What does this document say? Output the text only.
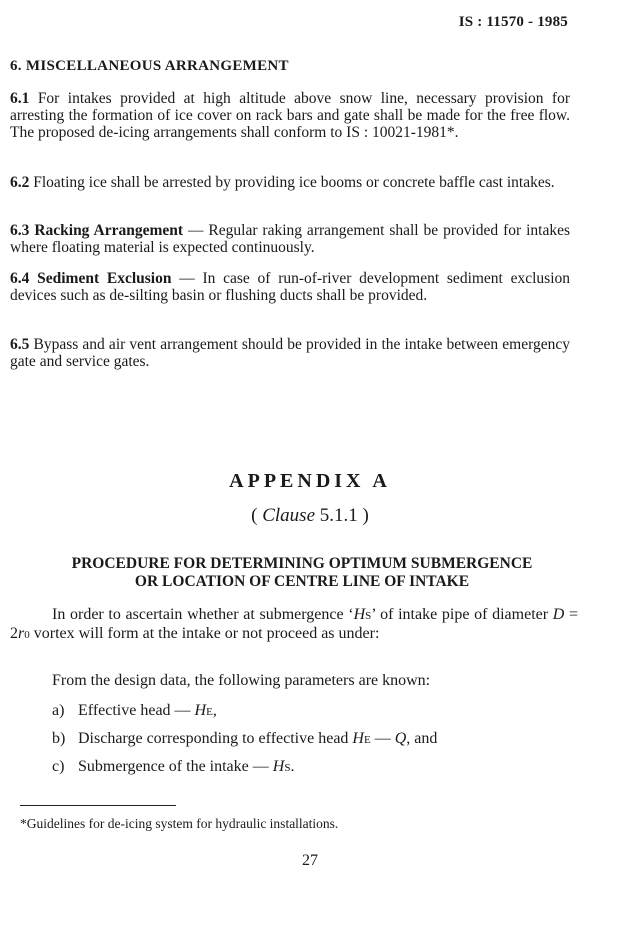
IS : 11570 - 1985
6. MISCELLANEOUS ARRANGEMENT

6.1 For intakes provided at high altitude above snow line, necessary provision for arresting the formation of ice cover on rack bars and gate shall be made for the free flow. The proposed de-icing arrangements shall conform to IS : 10021-1981*.

6.2 Floating ice shall be arrested by providing ice booms or concrete baffle cast intakes.

6.3 Racking Arrangement — Regular raking arrangement shall be provided for intakes where floating material is expected continuously.

6.4 Sediment Exclusion — In case of run-of-river development sediment exclusion devices such as de-silting basin or flushing ducts shall be provided.

6.5 Bypass and air vent arrangement should be provided in the intake between emergency gate and service gates.

APPENDIX A
( Clause 5.1.1 )
PROCEDURE FOR DETERMINING OPTIMUM SUBMERGENCE
OR LOCATION OF CENTRE LINE OF INTAKE

In order to ascertain whether at submergence ‘HS’ of intake pipe of diameter D = 2r0 vortex will form at the intake or not proceed as under:

From the design data, the following parameters are known:
a) Effective head — HE,
b) Discharge corresponding to effective head HE — Q, and
c) Submergence of the intake — HS.
*Guidelines for de-icing system for hydraulic installations.
27
